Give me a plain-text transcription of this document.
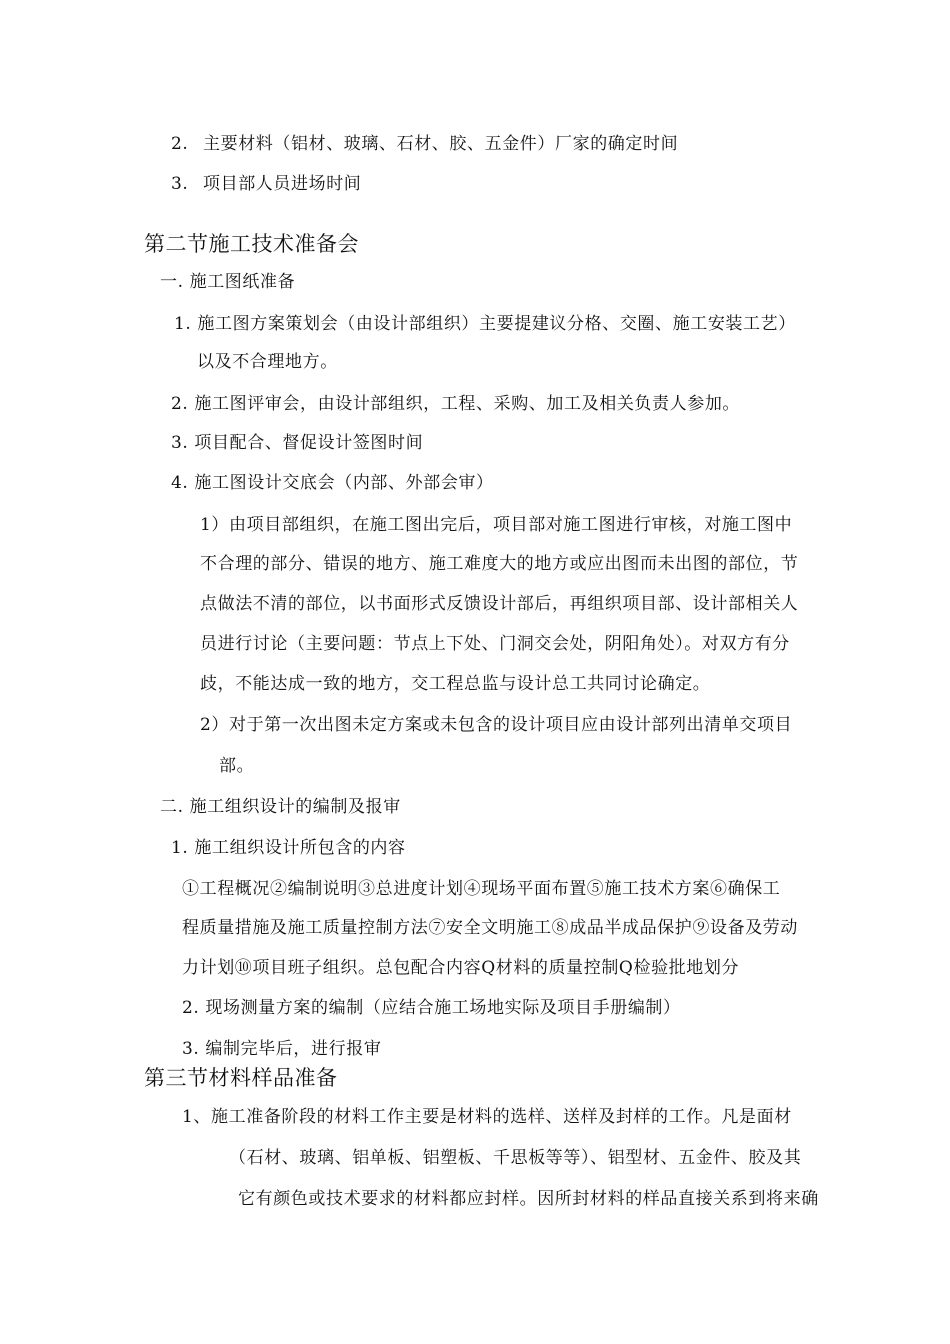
2. 主要材料（铝材、玻璃、石材、胶、五金件）厂家的确定时间
3. 项目部人员进场时间
第二节施工技术准备会
一. 施工图纸准备
1. 施工图方案策划会（由设计部组织）主要提建议分格、交圈、施工安装工艺）
以及不合理地方。
2. 施工图评审会，由设计部组织，工程、采购、加工及相关负责人参加。
3. 项目配合、督促设计签图时间
4. 施工图设计交底会（内部、外部会审）
1）由项目部组织，在施工图出完后，项目部对施工图进行审核，对施工图中
不合理的部分、错误的地方、施工难度大的地方或应出图而未出图的部位，节
点做法不清的部位，以书面形式反馈设计部后，再组织项目部、设计部相关人
员进行讨论（主要问题：节点上下处、门洞交会处，阴阳角处）。对双方有分
歧，不能达成一致的地方，交工程总监与设计总工共同讨论确定。
2）对于第一次出图未定方案或未包含的设计项目应由设计部列出清单交项目
部。
二. 施工组织设计的编制及报审
1. 施工组织设计所包含的内容
①工程概况②编制说明③总进度计划④现场平面布置⑤施工技术方案⑥确保工
程质量措施及施工质量控制方法⑦安全文明施工⑧成品半成品保护⑨设备及劳动
力计划⑩项目班子组织。总包配合内容Q材料的质量控制Q检验批地划分
2. 现场测量方案的编制（应结合施工场地实际及项目手册编制）
3. 编制完毕后，进行报审
第三节材料样品准备
1、施工准备阶段的材料工作主要是材料的选样、送样及封样的工作。凡是面材
（石材、玻璃、铝单板、铝塑板、千思板等等）、铝型材、五金件、胶及其
它有颜色或技术要求的材料都应封样。因所封材料的样品直接关系到将来确
